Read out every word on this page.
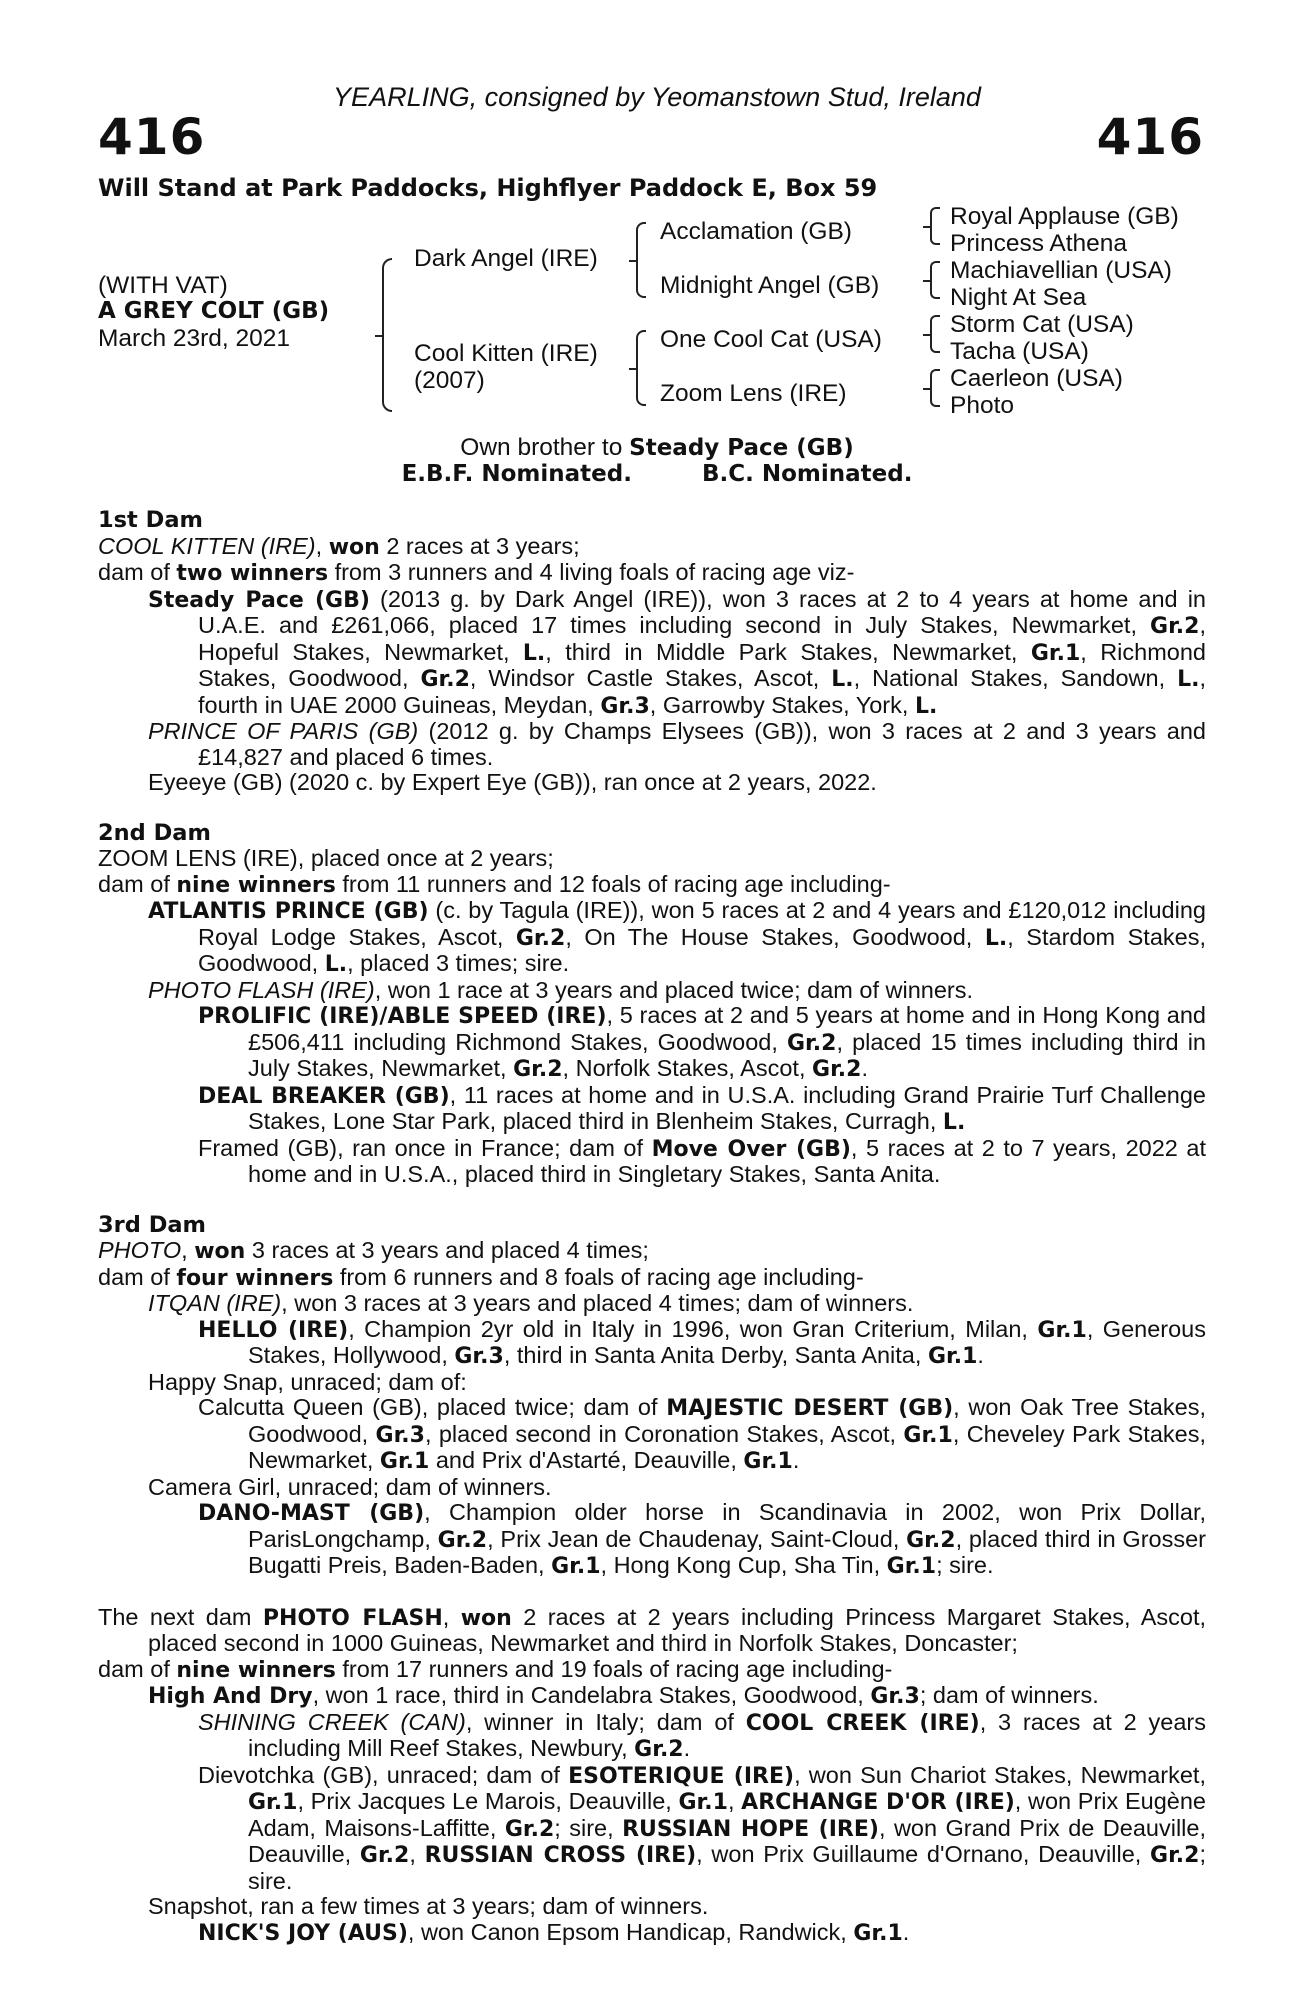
YEARLING, consigned by Yeomanstown Stud, Ireland
416	416
Will Stand at Park Paddocks, Highflyer Paddock E, Box 59
(WITH VAT)
A GREY COLT (GB)
March 23rd, 2021
Dark Angel (IRE)
Cool Kitten (IRE)
(2007)
Acclamation (GB)
Midnight Angel (GB)
One Cool Cat (USA)
Zoom Lens (IRE)
Royal Applause (GB)
Princess Athena
Machiavellian (USA)
Night At Sea
Storm Cat (USA)
Tacha (USA)
Caerleon (USA)
Photo
Own brother to Steady Pace (GB)
E.B.F. Nominated.	B.C. Nominated.
1st Dam

COOL KITTEN (IRE), won 2 races at 3 years;

dam of two winners from 3 runners and 4 living foals of racing age viz-

Steady Pace (GB) (2013 g. by Dark Angel (IRE)), won 3 races at 2 to 4 years at home and in U.A.E. and £261,066, placed 17 times including second in July Stakes, Newmarket, Gr.2, Hopeful Stakes, Newmarket, L., third in Middle Park Stakes, Newmarket, Gr.1, Richmond Stakes, Goodwood, Gr.2, Windsor Castle Stakes, Ascot, L., National Stakes, Sandown, L., fourth in UAE 2000 Guineas, Meydan, Gr.3, Garrowby Stakes, York, L.

PRINCE OF PARIS (GB) (2012 g. by Champs Elysees (GB)), won 3 races at 2 and 3 years and £14,827 and placed 6 times.

Eyeeye (GB) (2020 c. by Expert Eye (GB)), ran once at 2 years, 2022.

2nd Dam

ZOOM LENS (IRE), placed once at 2 years;

dam of nine winners from 11 runners and 12 foals of racing age including-

ATLANTIS PRINCE (GB) (c. by Tagula (IRE)), won 5 races at 2 and 4 years and £120,012 including Royal Lodge Stakes, Ascot, Gr.2, On The House Stakes, Goodwood, L., Stardom Stakes, Goodwood, L., placed 3 times; sire.

PHOTO FLASH (IRE), won 1 race at 3 years and placed twice; dam of winners.

PROLIFIC (IRE)/ABLE SPEED (IRE), 5 races at 2 and 5 years at home and in Hong Kong and £506,411 including Richmond Stakes, Goodwood, Gr.2, placed 15 times including third in July Stakes, Newmarket, Gr.2, Norfolk Stakes, Ascot, Gr.2.

DEAL BREAKER (GB), 11 races at home and in U.S.A. including Grand Prairie Turf Challenge Stakes, Lone Star Park, placed third in Blenheim Stakes, Curragh, L.

Framed (GB), ran once in France; dam of Move Over (GB), 5 races at 2 to 7 years, 2022 at home and in U.S.A., placed third in Singletary Stakes, Santa Anita.

3rd Dam

PHOTO, won 3 races at 3 years and placed 4 times;

dam of four winners from 6 runners and 8 foals of racing age including-

ITQAN (IRE), won 3 races at 3 years and placed 4 times; dam of winners.

HELLO (IRE), Champion 2yr old in Italy in 1996, won Gran Criterium, Milan, Gr.1, Generous Stakes, Hollywood, Gr.3, third in Santa Anita Derby, Santa Anita, Gr.1.

Happy Snap, unraced; dam of:

Calcutta Queen (GB), placed twice; dam of MAJESTIC DESERT (GB), won Oak Tree Stakes, Goodwood, Gr.3, placed second in Coronation Stakes, Ascot, Gr.1, Cheveley Park Stakes, Newmarket, Gr.1 and Prix d'Astarté, Deauville, Gr.1.

Camera Girl, unraced; dam of winners.

DANO-MAST (GB), Champion older horse in Scandinavia in 2002, won Prix Dollar, ParisLongchamp, Gr.2, Prix Jean de Chaudenay, Saint-Cloud, Gr.2, placed third in Grosser Bugatti Preis, Baden-Baden, Gr.1, Hong Kong Cup, Sha Tin, Gr.1; sire.

The next dam PHOTO FLASH, won 2 races at 2 years including Princess Margaret Stakes, Ascot, placed second in 1000 Guineas, Newmarket and third in Norfolk Stakes, Doncaster;

dam of nine winners from 17 runners and 19 foals of racing age including-

High And Dry, won 1 race, third in Candelabra Stakes, Goodwood, Gr.3; dam of winners.

SHINING CREEK (CAN), winner in Italy; dam of COOL CREEK (IRE), 3 races at 2 years including Mill Reef Stakes, Newbury, Gr.2.

Dievotchka (GB), unraced; dam of ESOTERIQUE (IRE), won Sun Chariot Stakes, Newmarket, Gr.1, Prix Jacques Le Marois, Deauville, Gr.1, ARCHANGE D'OR (IRE), won Prix Eugène Adam, Maisons-Laffitte, Gr.2; sire, RUSSIAN HOPE (IRE), won Grand Prix de Deauville, Deauville, Gr.2, RUSSIAN CROSS (IRE), won Prix Guillaume d'Ornano, Deauville, Gr.2; sire.

Snapshot, ran a few times at 3 years; dam of winners.

NICK'S JOY (AUS), won Canon Epsom Handicap, Randwick, Gr.1.
